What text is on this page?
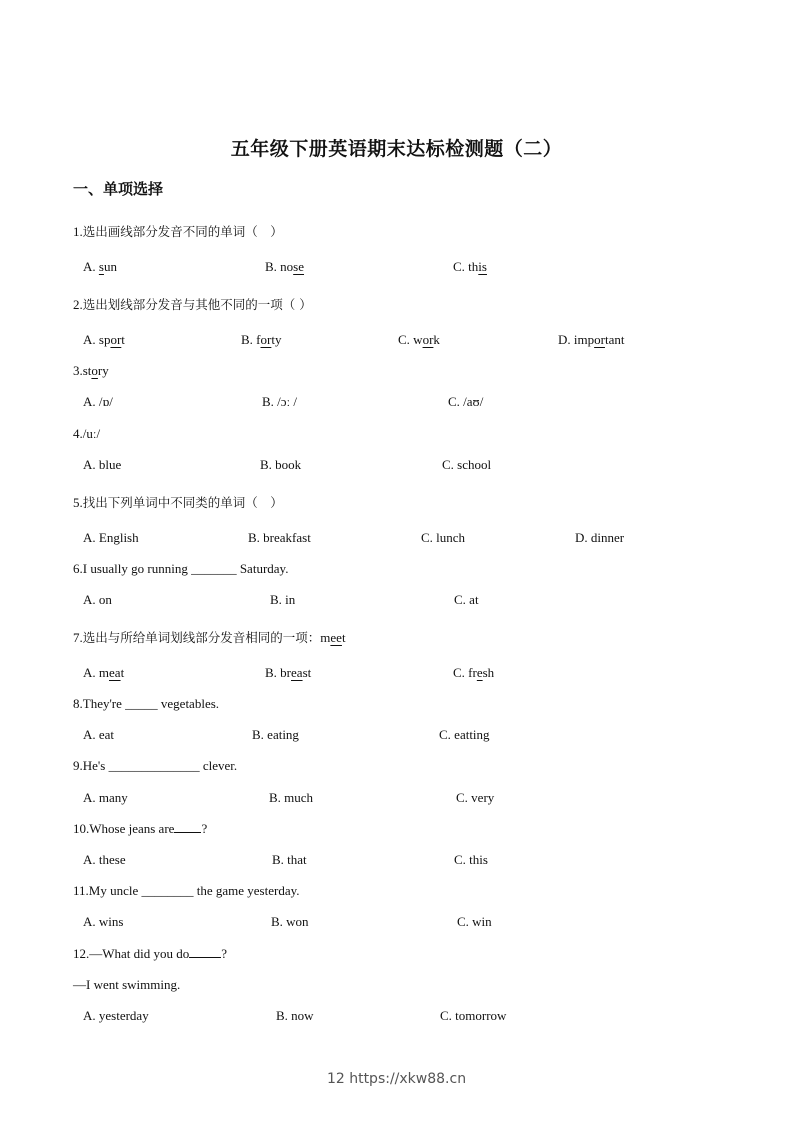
五年级下册英语期末达标检测题（二）
一、单项选择
1.选出画线部分发音不同的单词（　）
A. sun	B. nose	C. this
2.选出划线部分发音与其他不同的一项（ ）
A. sport	B. forty	C. work	D. important
3.story
A. /ɒ/	B. /ɔː /	C. /aʊ/
4./uː/
A. blue	B. book	C. school
5.找出下列单词中不同类的单词（　）
A. English	B. breakfast	C. lunch	D. dinner
6.I usually go running _______ Saturday.
A. on	B. in	C. at
7.选出与所给单词划线部分发音相同的一项：meet
A. meat	B. breast	C. fresh
8.They're _____ vegetables.
A. eat	B. eating	C. eatting
9.He's ______________ clever.
A. many	B. much	C. very
10.Whose jeans are ?
A. these	B. that	C. this
11.My uncle ________ the game yesterday.
A. wins	B. won	C. win
12.—What did you do ?
—I went swimming.
A. yesterday	B. now	C. tomorrow
12 https://xkw88.cn
